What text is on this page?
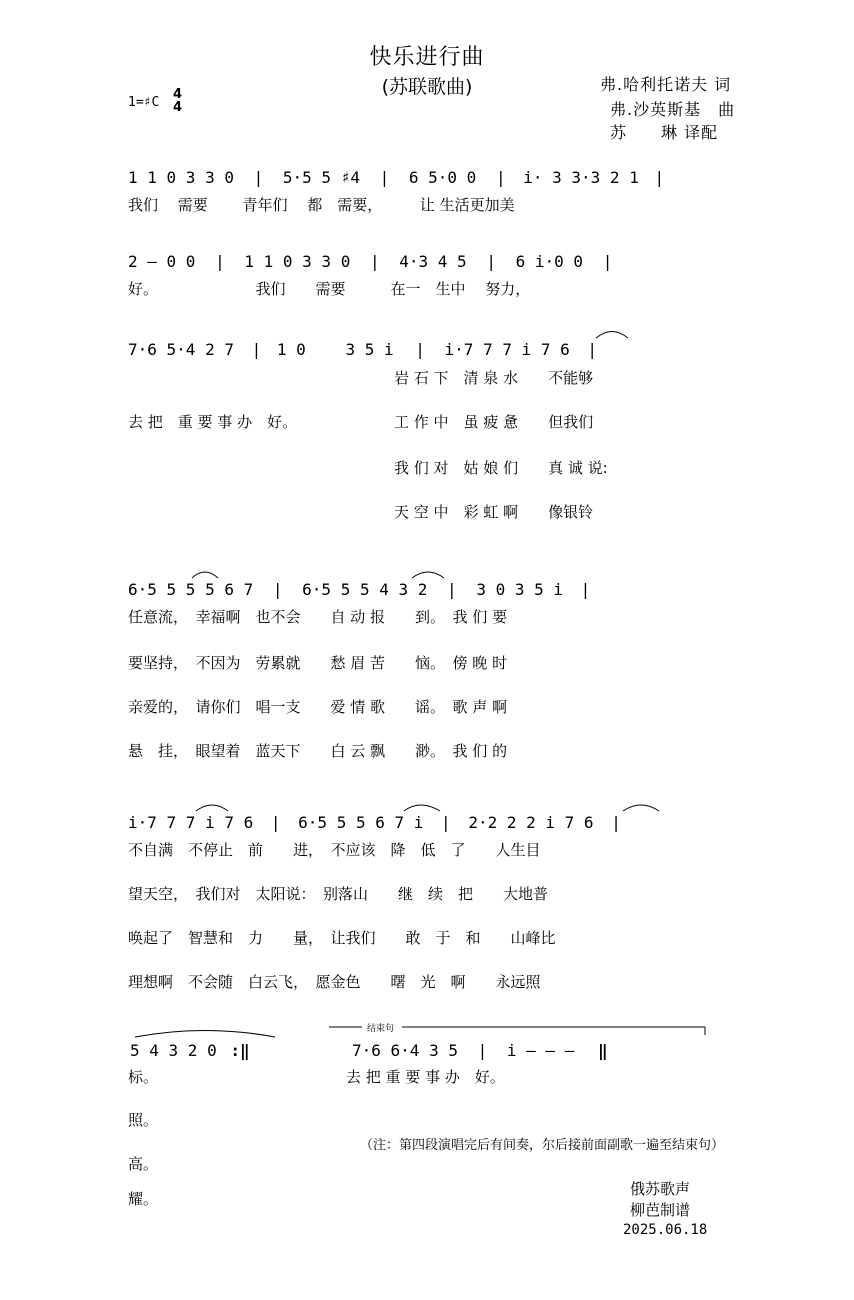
快乐进行曲
(苏联歌曲)
1=♯C
4
4
弗.哈利托诺夫 词
弗.沙英斯基　曲
苏　　琳 译配
1 1 0 3 3 0 | 5·5 5 ♯4 | 6 5·0 0 | i· 3 3·3 2 1 |
我们　 需要　　 青年们　 都　需要，　　　让 生活更加美
2 – 0 0 | 1 1 0 3 3 0 | 4·3 4 5 | 6 i·0 0 |
好。　　　　　　　我们　　需要　　　在一　生中　 努力，
7·6 5·4 2 7 | 1 0 3 5 i | i·7 7 7 i 7 6 |
岩 石 下　清 泉 水　　不能够
去 把　重 要 事 办　好。	工 作 中　虽 疲 惫　　但我们
我 们 对　姑 娘 们　　真 诚 说:
天 空 中　彩 虹 啊　　像银铃
6·5 5 5 5 6 7 | 6·5 5 5 4 3 2 | 3 0 3 5 i |
任意流，　幸福啊　也不会　　自 动 报　　到。　我 们 要
要坚持，　不因为　劳累就　　愁 眉 苦　　恼。　傍 晚 时
亲爱的，　请你们　唱一支　　爱 情 歌　　谣。　歌 声 啊
悬　挂，　眼望着　蓝天下　　白 云 飘　　渺。　我 们 的
i·7 7 7 i 7 6 | 6·5 5 5 6 7 i | 2·2 2 2 i 7 6 |
不自满　不停止　前　　进，　不应该　降　低　了　　人生目
望天空，　我们对　太阳说：　别落山　　继　续　把　　大地普
唤起了　智慧和　力　　量，　让我们　　敢　于　和　　山峰比
理想啊　不会随　白云飞，　愿金色　　曙　光　啊　　永远照
结束句
5 4 3 2 0 :‖	7·6 6·4 3 5 | i – – – ‖
标。	去 把 重 要 事 办　好。
照。
高。
耀。
（注：第四段演唱完后有间奏，尔后接前面副歌一遍至结束句）
俄苏歌声
柳芭制谱
2025.06.18
